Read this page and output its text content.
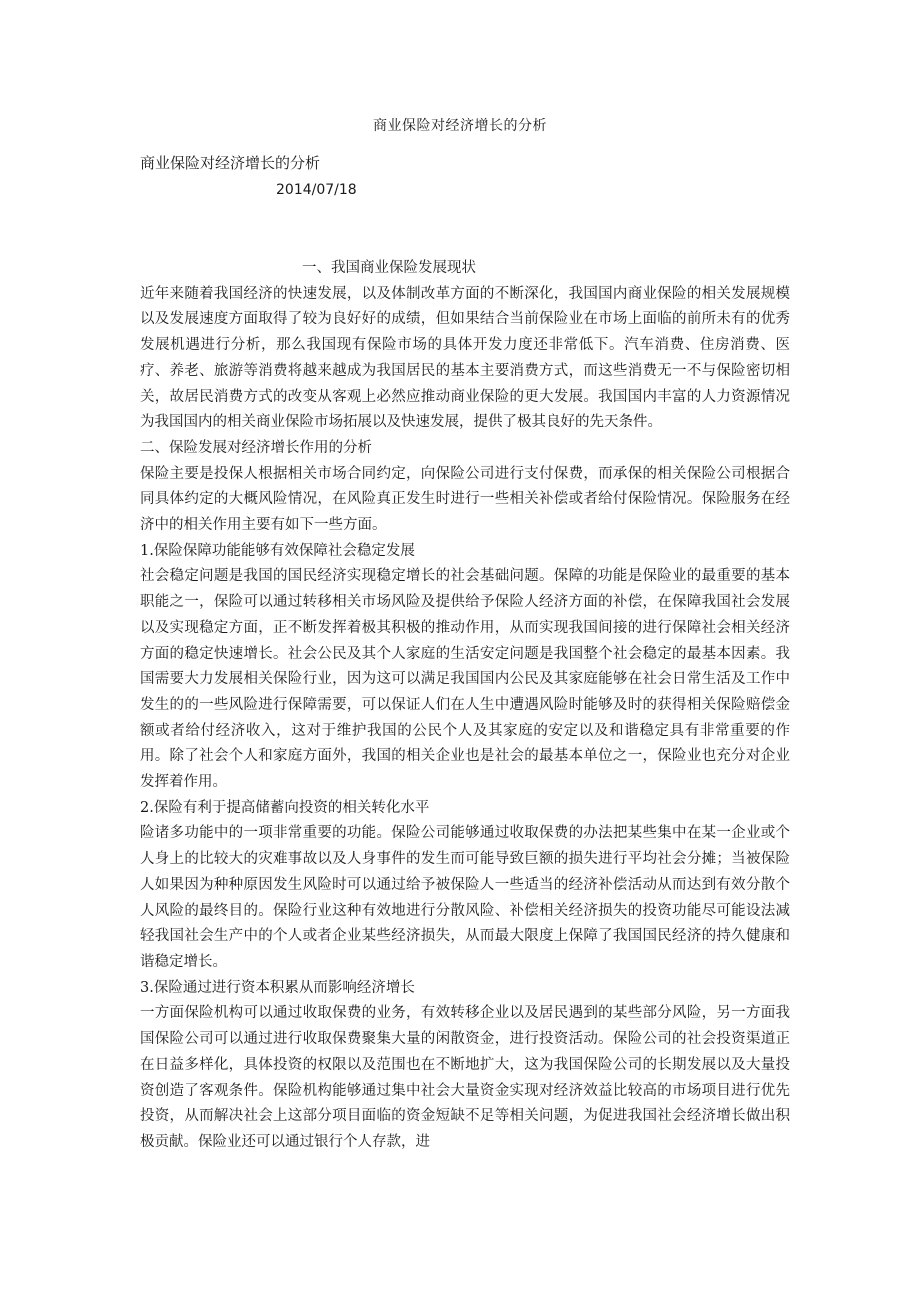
商业保险对经济增长的分析
商业保险对经济增长的分析
2014/07/18

一、我国商业保险发展现状

近年来随着我国经济的快速发展，以及体制改革方面的不断深化，我国国内商业保险的相关发展规模以及发展速度方面取得了较为良好好的成绩，但如果结合当前保险业在市场上面临的前所未有的优秀发展机遇进行分析，那么我国现有保险市场的具体开发力度还非常低下。汽车消费、住房消费、医疗、养老、旅游等消费将越来越成为我国居民的基本主要消费方式，而这些消费无一不与保险密切相关，故居民消费方式的改变从客观上必然应推动商业保险的更大发展。我国国内丰富的人力资源情况为我国国内的相关商业保险市场拓展以及快速发展，提供了极其良好的先天条件。

二、保险发展对经济增长作用的分析

保险主要是投保人根据相关市场合同约定，向保险公司进行支付保费，而承保的相关保险公司根据合同具体约定的大概风险情况，在风险真正发生时进行一些相关补偿或者给付保险情况。保险服务在经济中的相关作用主要有如下一些方面。

1.保险保障功能能够有效保障社会稳定发展

社会稳定问题是我国的国民经济实现稳定增长的社会基础问题。保障的功能是保险业的最重要的基本职能之一，保险可以通过转移相关市场风险及提供给予保险人经济方面的补偿，在保障我国社会发展以及实现稳定方面，正不断发挥着极其积极的推动作用，从而实现我国间接的进行保障社会相关经济方面的稳定快速增长。社会公民及其个人家庭的生活安定问题是我国整个社会稳定的最基本因素。我国需要大力发展相关保险行业，因为这可以满足我国国内公民及其家庭能够在社会日常生活及工作中发生的的一些风险进行保障需要，可以保证人们在人生中遭遇风险时能够及时的获得相关保险赔偿金额或者给付经济收入，这对于维护我国的公民个人及其家庭的安定以及和谐稳定具有非常重要的作用。除了社会个人和家庭方面外，我国的相关企业也是社会的最基本单位之一，保险业也充分对企业发挥着作用。

2.保险有利于提高储蓄向投资的相关转化水平

险诸多功能中的一项非常重要的功能。保险公司能够通过收取保费的办法把某些集中在某一企业或个人身上的比较大的灾难事故以及人身事件的发生而可能导致巨额的损失进行平均社会分摊；当被保险人如果因为种种原因发生风险时可以通过给予被保险人一些适当的经济补偿活动从而达到有效分散个人风险的最终目的。保险行业这种有效地进行分散风险、补偿相关经济损失的投资功能尽可能设法减轻我国社会生产中的个人或者企业某些经济损失，从而最大限度上保障了我国国民经济的持久健康和谐稳定增长。

3.保险通过进行资本积累从而影响经济增长

一方面保险机构可以通过收取保费的业务，有效转移企业以及居民遇到的某些部分风险，另一方面我国保险公司可以通过进行收取保费聚集大量的闲散资金，进行投资活动。保险公司的社会投资渠道正在日益多样化，具体投资的权限以及范围也在不断地扩大，这为我国保险公司的长期发展以及大量投资创造了客观条件。保险机构能够通过集中社会大量资金实现对经济效益比较高的市场项目进行优先投资，从而解决社会上这部分项目面临的资金短缺不足等相关问题，为促进我国社会经济增长做出积极贡献。保险业还可以通过银行个人存款，进
